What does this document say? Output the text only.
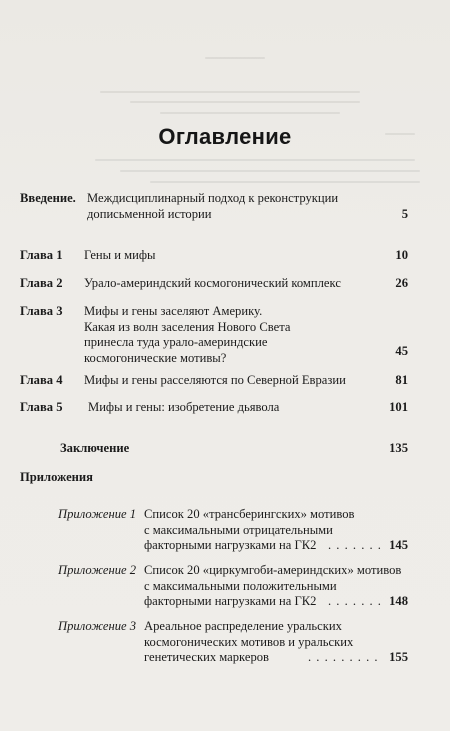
Оглавление
Введение. Междисциплинарный подход к реконструкции
дописьменной истории	5
Глава 1 Гены и мифы	10
Глава 2 Урало-америндский космогонический комплекс	26
Глава 3 Мифы и гены заселяют Америку.
Какая из волн заселения Нового Света
принесла туда урало-америндские
космогонические мотивы?	45
Глава 4 Мифы и гены расселяются по Северной Евразии	81
Глава 5 Мифы и гены: изобретение дьявола	101
Заключение	135
Приложения
Приложение 1 Список 20 «трансберингских» мотивов
с максимальными отрицательными
факторными нагрузками на ГК2 . . . . . . . 145
Приложение 2 Список 20 «циркумгоби-америндских» мотивов
с максимальными положительными
факторными нагрузками на ГК2 . . . . . . . 148
Приложение 3 Ареальное распределение уральских
космогонических мотивов и уральских
генетических маркеров	. . . . . . . . . 155
